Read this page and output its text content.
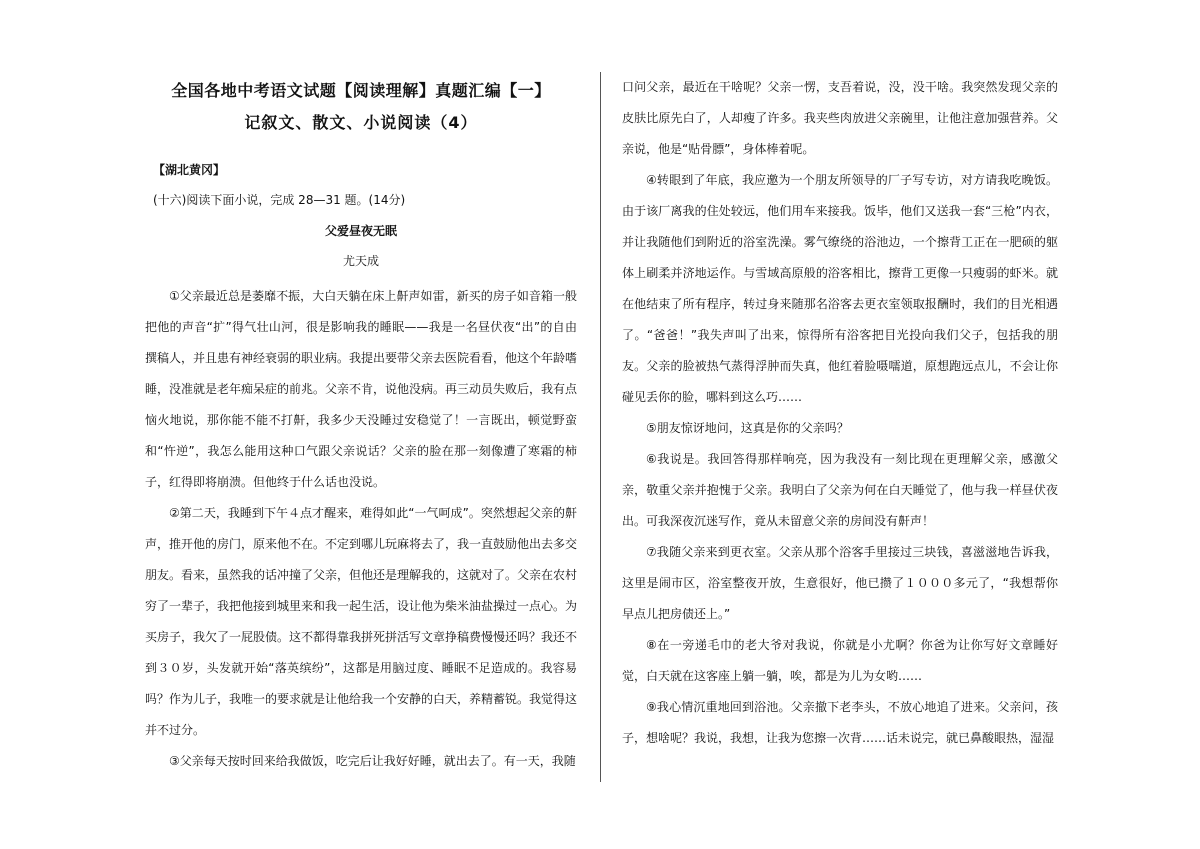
全国各地中考语文试题【阅读理解】真题汇编【一】
记叙文、散文、小说阅读（4）
【湖北黄冈】
(十六)阅读下面小说，完成 28—31 题。(14分)
父爱昼夜无眠
尤天成

①父亲最近总是萎靡不振，大白天躺在床上鼾声如雷，新买的房子如音箱一般把他的声音“扩”得气壮山河，很是影响我的睡眠——我是一名昼伏夜“出”的自由撰稿人，并且患有神经衰弱的职业病。我提出要带父亲去医院看看，他这个年龄嗜睡，没准就是老年痴呆症的前兆。父亲不肯，说他没病。再三动员失败后，我有点恼火地说，那你能不能不打鼾，我多少天没睡过安稳觉了！一言既出，顿觉野蛮和“忤逆”，我怎么能用这种口气跟父亲说话？父亲的脸在那一刻像遭了寒霜的柿子，红得即将崩溃。但他终于什么话也没说。

②第二天，我睡到下午４点才醒来，难得如此“一气呵成”。突然想起父亲的鼾声，推开他的房门，原来他不在。不定到哪儿玩麻将去了，我一直鼓励他出去多交朋友。看来，虽然我的话冲撞了父亲，但他还是理解我的，这就对了。父亲在农村穷了一辈子，我把他接到城里来和我一起生活，设让他为柴米油盐操过一点心。为买房子，我欠了一屁股债。这不都得靠我拼死拼活写文章挣稿费慢慢还吗？我还不到３０岁，头发就开始“落英缤纷”，这都是用脑过度、睡眠不足造成的。我容易吗？作为儿子，我唯一的要求就是让他给我一个安静的白天，养精蓄锐。我觉得这并不过分。

③父亲每天按时回来给我做饭，吃完后让我好好睡，就出去了。有一天，我随

口问父亲，最近在干啥呢？父亲一愣，支吾着说，没，没干啥。我突然发现父亲的皮肤比原先白了，人却瘦了许多。我夹些肉放进父亲碗里，让他注意加强营养。父亲说，他是“贴骨膘”，身体棒着呢。

④转眼到了年底，我应邀为一个朋友所领导的厂子写专访，对方请我吃晚饭。由于该厂离我的住处较远，他们用车来接我。饭毕，他们又送我一套“三枪”内衣，并让我随他们到附近的浴室洗澡。雾气缭绕的浴池边，一个擦背工正在一肥硕的躯体上刷柔并济地运作。与雪域高原般的浴客相比，擦背工更像一只瘦弱的虾米。就在他结束了所有程序，转过身来随那名浴客去更衣室领取报酬时，我们的目光相遇了。“爸爸！”我失声叫了出来，惊得所有浴客把目光投向我们父子，包括我的朋友。父亲的脸被热气蒸得浮肿而失真，他红着脸嗫嚅道，原想跑远点儿，不会让你碰见丢你的脸，哪料到这么巧……

⑤朋友惊讶地问，这真是你的父亲吗？

⑥我说是。我回答得那样响亮，因为我没有一刻比现在更理解父亲，感激父亲，敬重父亲并抱愧于父亲。我明白了父亲为何在白天睡觉了，他与我一样昼伏夜出。可我深夜沉迷写作，竟从未留意父亲的房间没有鼾声！

⑦我随父亲来到更衣室。父亲从那个浴客手里接过三块钱，喜滋滋地告诉我，这里是闹市区，浴室整夜开放，生意很好，他已攒了１０００多元了，“我想帮你早点儿把房债还上。”

⑧在一旁递毛巾的老大爷对我说，你就是小尤啊？你爸为让你写好文章睡好觉，白天就在这客座上躺一躺，唉，都是为儿为女哟……

⑨我心情沉重地回到浴池。父亲撤下老李头，不放心地追了进来。父亲问，孩子，想啥呢？我说，我想，让我为您擦一次背……话未说完，就已鼻酸眼热，湿湿
